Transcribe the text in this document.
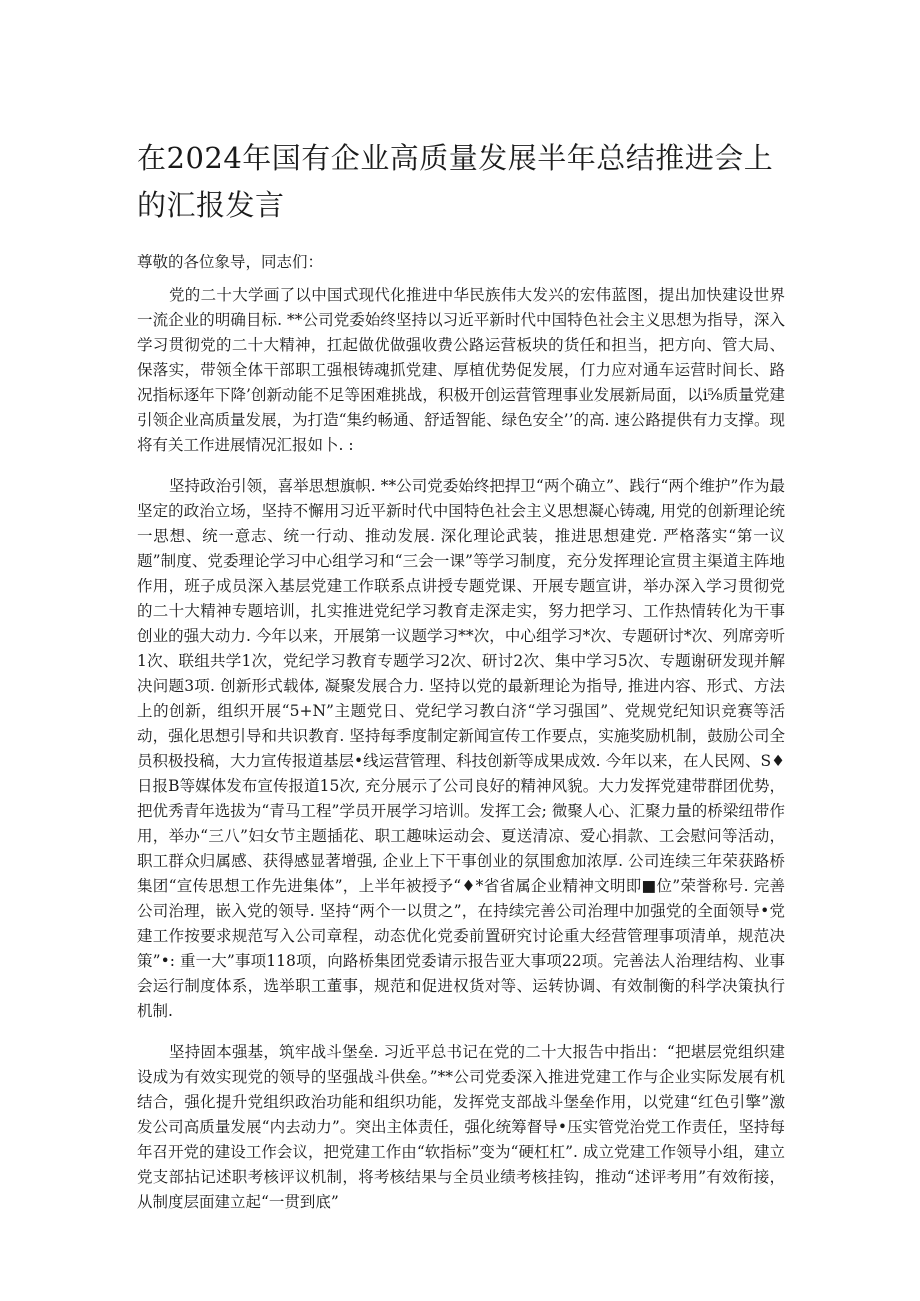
在2024年国有企业高质量发展半年总结推进会上的汇报发言

尊敬的各位象导，同志们：

党的二十大学画了以中国式现代化推进中华民族伟大发兴的宏伟蓝图，提出加快建设世界一流企业的明确目标. **公司党委始终坚持以习近平新时代中国特色社会主义思想为指导，深入学习贯彻党的二十大精神，扛起做优做强收费公路运营板块的货任和担当，把方向、管大局、保落实，带领全体干部职工强根铸魂抓党建、厚植优势促发展，仃力应对通车运营时间长、路况指标逐年下降’创新动能不足等困难挑战，积极开创运营管理事业发展新局面，以i⅝质量党建引领企业高质量发展，为打造“集约畅通、舒适智能、绿色安全’’的高. 速公路提供有力支撑。现将有关工作进展情况汇报如卜. :

坚持政治引领，喜举思想旗帜. **公司党委始终把捍卫“两个确立”、践行“两个维护”作为最坚定的政治立场，坚持不懈用习近平新时代中国特色社会主义思想凝心铸魂, 用党的创新理论统一思想、统一意志、统一行动、推动发展. 深化理论武装，推进思想建党. 严格落实“第一议题”制度、党委理论学习中心组学习和“三会一课”等学习制度，充分发挥理论宣贯主渠道主阵地作用，班子成员深入基层党建工作联系点讲授专题党课、开展专题宣讲，举办深入学习贯彻党的二十大精神专题培训，扎实推进党纪学习教育走深走实，努力把学习、工作热情转化为干事创业的强大动力. 今年以来，开展第一议题学习**次，中心组学习*次、专题研讨*次、列席旁听1次、联组共学1次，党纪学习教育专题学习2次、研讨2次、集中学习5次、专题谢研发现并解决问题3项. 创新形式载体, 凝聚发展合力. 坚持以党的最新理论为指导, 推进内容、形式、方法上的创新，组织开展“5+N”主题党日、党纪学习教白济“学习强国”、党规党纪知识竞赛等活动，强化思想引导和共识教育. 坚持每季度制定新闻宣传工作要点，实施奖励机制，鼓励公司全员积极投稿，大力宣传报道基层•线运营管理、科技创新等成果成效. 今年以来，在人民网、S♦日报B等媒体发布宣传报道15次, 充分展示了公司良好的精神风貌。大力发挥党建带群团优势，把优秀青年选拔为“青马工程”学员开展学习培训。发挥工会; 微聚人心、汇聚力量的桥梁纽带作用，举办“三八”妇女节主题插花、职工趣味运动会、夏送清凉、爱心捐款、工会慰问等活动，职工群众归属感、获得感显著增强, 企业上下干事创业的氛围愈加浓厚. 公司连续三年荣获路桥集团“宣传思想工作先进集体”，上半年被授予“♦*省省属企业精神文明即■位”荣誉称号. 完善公司治理，嵌入党的领导. 坚持“两个一以贯之”，在持续完善公司治理中加强党的全面领导•党建工作按要求规范写入公司章程，动态优化党委前置研究讨论重大经营管理事项清单，规范决策”•: 重一大”事项118项，向路桥集团党委请示报告亚大事项22项。完善法人治理结构、业事会运行制度体系，选举职工董事，规范和促进权货对等、运转协调、有效制衡的科学决策执行机制.

坚持固本强基，筑牢战斗堡垒. 习近平总书记在党的二十大报告中指出：“把堪层党组织建设成为有效实现党的领导的坚强战斗供垒。”**公司党委深入推进党建工作与企业实际发展有机结合，强化提升党组织政治功能和组织功能，发挥党支部战斗堡垒作用，以党建“红色引擎”激发公司高质量发展“内去动力”。突出主体责任，强化统筹督导•压实管党治党工作责任，坚持每年召开党的建设工作会议，把党建工作由“软指标”变为“硬杠杠”. 成立党建工作领导小组，建立党支部拈记述职考核评议机制，将考核结果与全员业绩考核挂钩，推动“述评考用”有效衔接，从制度层面建立起“一贯到底”
